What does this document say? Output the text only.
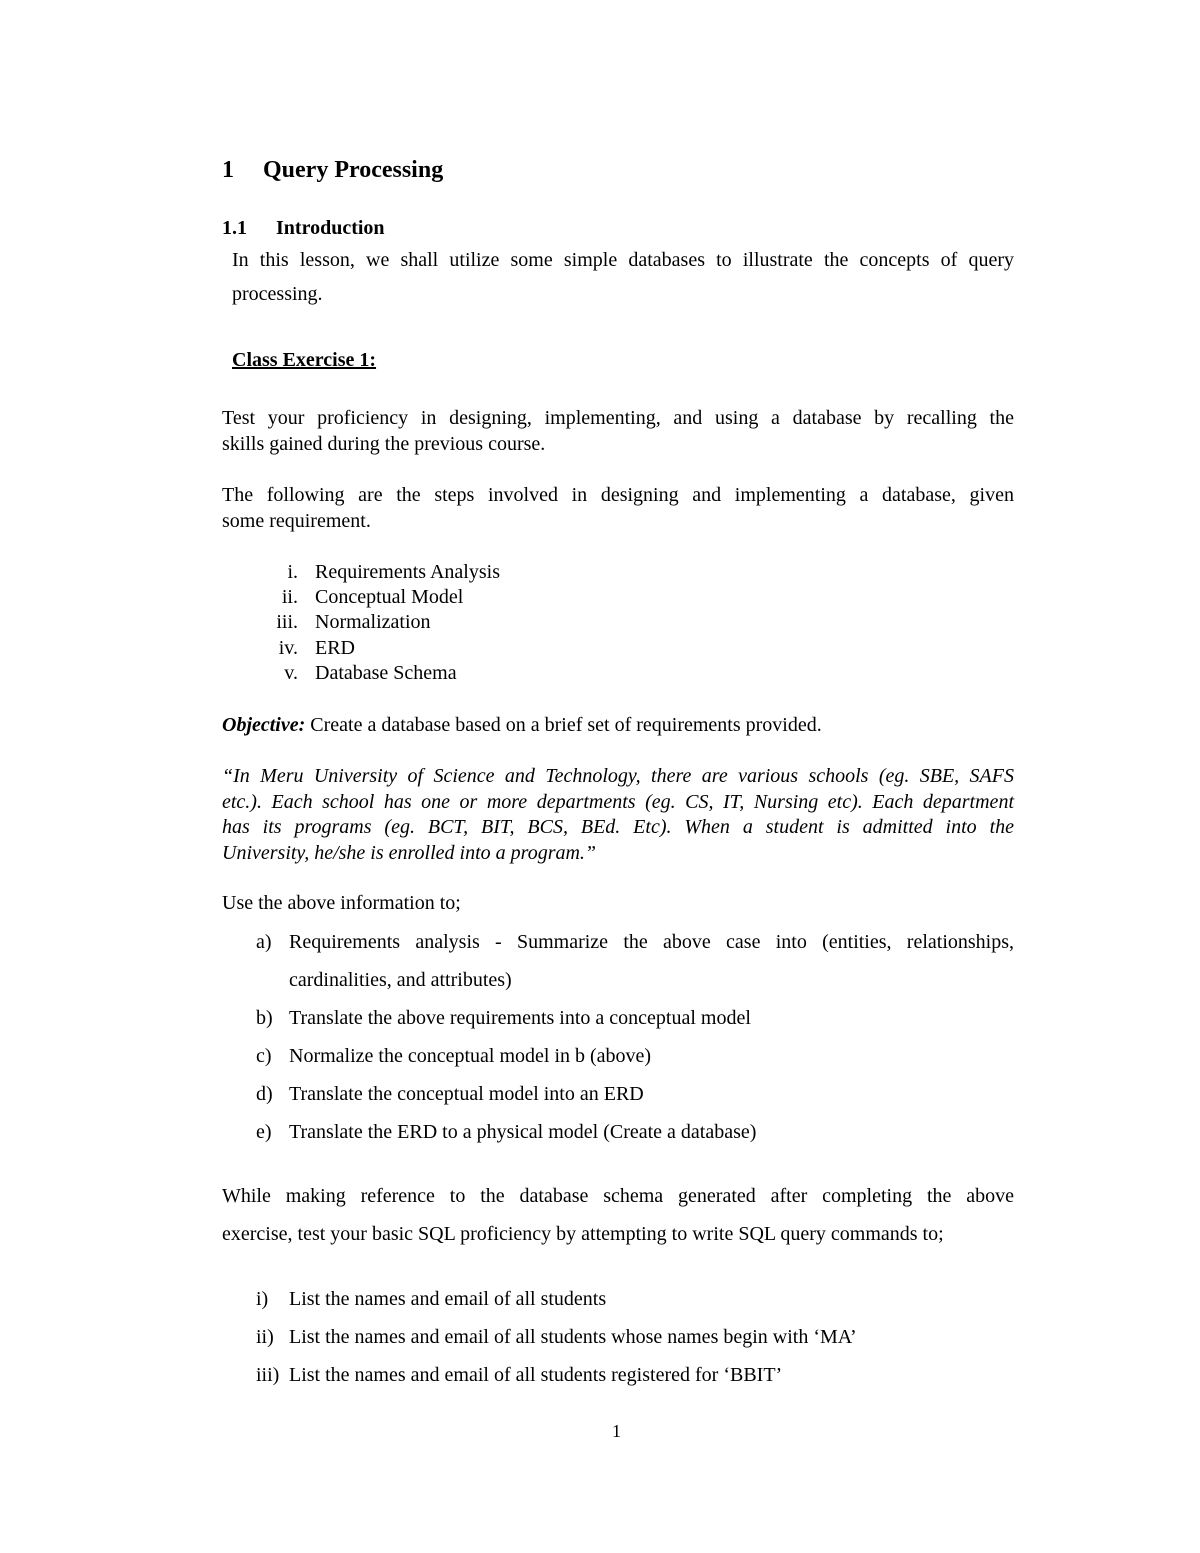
1 Query Processing
1.1 Introduction
In this lesson, we shall utilize some simple databases to illustrate the concepts of query
processing.
Class Exercise 1:
Test your proficiency in designing, implementing, and using a database by recalling the
skills gained during the previous course.
The following are the steps involved in designing and implementing a database, given
some requirement.
i. Requirements Analysis
ii. Conceptual Model
iii. Normalization
iv. ERD
v. Database Schema
Objective: Create a database based on a brief set of requirements provided.
“In Meru University of Science and Technology, there are various schools (eg. SBE, SAFS
etc.). Each school has one or more departments (eg. CS, IT, Nursing etc). Each department
has its programs (eg. BCT, BIT, BCS, BEd. Etc). When a student is admitted into the
University, he/she is enrolled into a program.”
Use the above information to;
a) Requirements analysis - Summarize the above case into (entities, relationships,
cardinalities, and attributes)
b) Translate the above requirements into a conceptual model
c) Normalize the conceptual model in b (above)
d) Translate the conceptual model into an ERD
e) Translate the ERD to a physical model (Create a database)
While making reference to the database schema generated after completing the above
exercise, test your basic SQL proficiency by attempting to write SQL query commands to;
i) List the names and email of all students
ii) List the names and email of all students whose names begin with ‘MA’
iii) List the names and email of all students registered for ‘BBIT’
1
